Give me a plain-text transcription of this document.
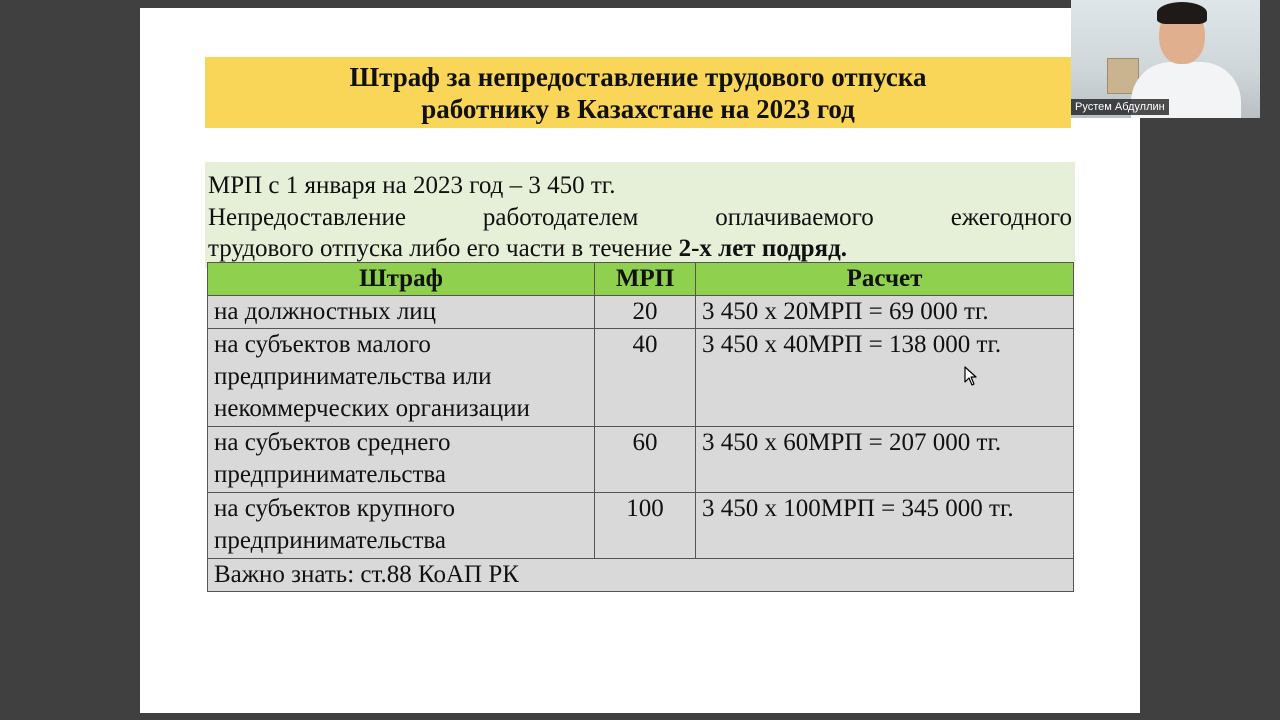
Штраф за непредоставление трудового отпуска
работнику в Казахстане на 2023 год
МРП с 1 января на 2023 год – 3 450 тг.
Непредоставление	работодателем	оплачиваемого	ежегодного
трудового отпуска либо его части в течение 2-х лет подряд.
Штраф	МРП	Расчет
на должностных лиц	20	3 450 х 20МРП = 69 000 тг.
на субъектов малого предпринимательства или некоммерческих организации	40	3 450 х 40МРП = 138 000 тг.
на субъектов среднего предпринимательства	60	3 450 х 60МРП = 207 000 тг.
на субъектов крупного предпринимательства	100	3 450 х 100МРП = 345 000 тг.
Важно знать: ст.88 КоАП РК		
Рустем Абдуллин
